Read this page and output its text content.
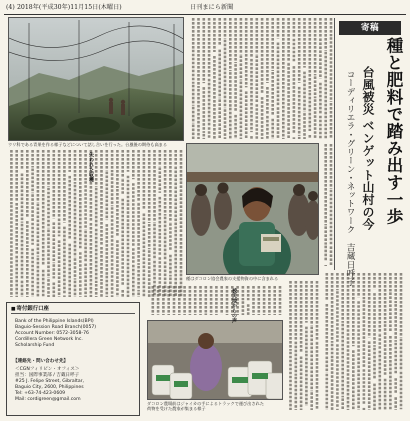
(4) 2018年(平成30年)11月15日(木曜日)	日刊まにら新聞
ウリ科である青果を作る様子などについて話し合いを行った。台風後の期待も高まる
種はダコロン協会農家の支援物資の中に含まれる
ダコロン農場前はジャイカの手によるトラックで運び出された
荷物を受けた農家が集まる様子
寄稿
種と肥料で踏み出す一歩
台風被災 ベンゲット山村の今
コーディリエラ・グリーン・ネットワーク
吉蔵日呼子
失われた収穫
被災地からの声
■ 寄付銀行口座
Bank of the Philippine Islands(BPI)
Baguio-Session Road Branch(0057)
Account Number: 0572-3058-76
Cordillera Green Network Inc.
Scholarship Fund
【連絡先・問い合わせ先】
＜CGNフィリピン・オフィス＞
担当：国際事業部 / 吉蔵日呼子
#25 J. Felipe Street, Gibraltar,
Baguio City, 2600, Philippines
Tel: +63-74-423-0609
Mail: cordigreen@gmail.com
